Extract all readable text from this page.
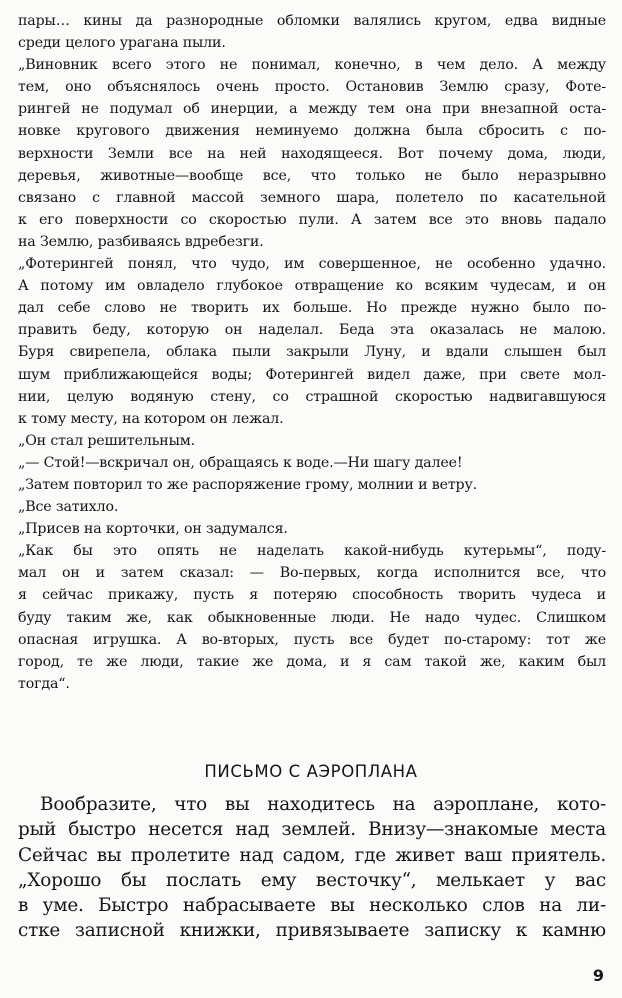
пары… кины да разнородные обломки валялись кругом, едва видные

среди целого урагана пыли.

„Виновник всего этого не понимал, конечно, в чем дело. А между

тем, оно объяснялось очень просто. Остановив Землю сразу, Фоте-

рингей не подумал об инерции, а между тем она при внезапной оста-

новке кругового движения неминуемо должна была сбросить с по-

верхности Земли все на ней находящееся. Вот почему дома, люди,

деревья, животные—вообще все, что только не было неразрывно

связано с главной массой земного шара, полетело по касательной

к его поверхности со скоростью пули. А затем все это вновь падало

на Землю, разбиваясь вдребезги.

„Фотерингей понял, что чудо, им совершенное, не особенно удачно.

А потому им овладело глубокое отвращение ко всяким чудесам, и он

дал себе слово не творить их больше. Но прежде нужно было по-

править беду, которую он наделал. Беда эта оказалась не малою.

Буря свирепела, облака пыли закрыли Луну, и вдали слышен был

шум приближающейся воды; Фотерингей видел даже, при свете мол-

нии, целую водяную стену, со страшной скоростью надвигавшуюся

к тому месту, на котором он лежал.

„Он стал решительным.

„— Стой!—вскричал он, обращаясь к воде.—Ни шагу далее!

„Затем повторил то же распоряжение грому, молнии и ветру.

„Все затихло.

„Присев на корточки, он задумался.

„Как бы это опять не наделать какой-нибудь кутерьмы“, поду-

мал он и затем сказал: — Во-первых, когда исполнится все, что

я сейчас прикажу, пусть я потеряю способность творить чудеса и

буду таким же, как обыкновенные люди. Не надо чудес. Слишком

опасная игрушка. А во-вторых, пусть все будет по-старому: тот же

город, те же люди, такие же дома, и я сам такой же, каким был

тогда“.

ПИСЬМО С АЭРОПЛАНА

Вообразите, что вы находитесь на аэроплане, кото-

рый быстро несется над землей. Внизу—знакомые места

Сейчас вы пролетите над садом, где живет ваш приятель.

„Хорошо бы послать ему весточку“, мелькает у вас

в уме. Быстро набрасываете вы несколько слов на ли-

стке записной книжки, привязываете записку к камню

9
